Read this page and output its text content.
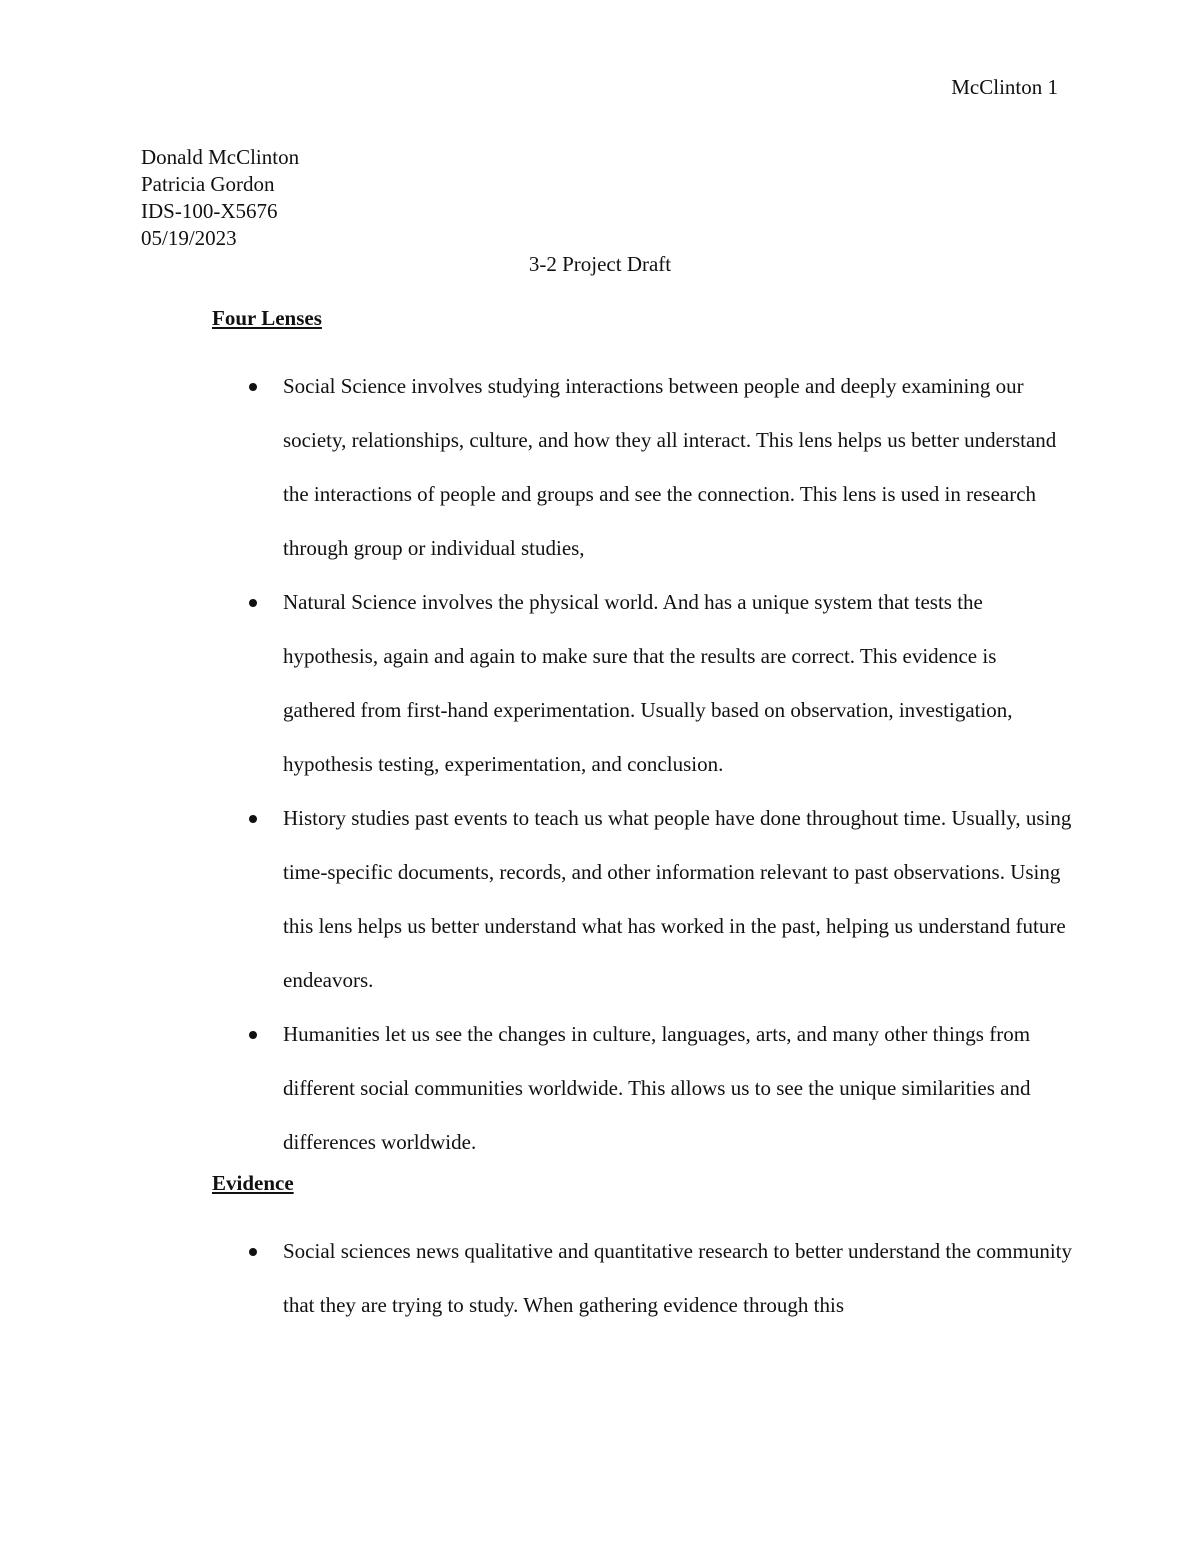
McClinton 1
Donald McClinton
Patricia Gordon
IDS-100-X5676
05/19/2023
3-2 Project Draft
Four Lenses
Social Science involves studying interactions between people and deeply examining our society, relationships, culture, and how they all interact. This lens helps us better understand the interactions of people and groups and see the connection. This lens is used in research through group or individual studies,
Natural Science involves the physical world. And has a unique system that tests the hypothesis, again and again to make sure that the results are correct. This evidence is gathered from first-hand experimentation. Usually based on observation, investigation, hypothesis testing, experimentation, and conclusion.
History studies past events to teach us what people have done throughout time. Usually, using time-specific documents, records, and other information relevant to past observations. Using this lens helps us better understand what has worked in the past, helping us understand future endeavors.
Humanities let us see the changes in culture, languages, arts, and many other things from different social communities worldwide. This allows us to see the unique similarities and differences worldwide.
Evidence
Social sciences news qualitative and quantitative research to better understand the community that they are trying to study. When gathering evidence through this
